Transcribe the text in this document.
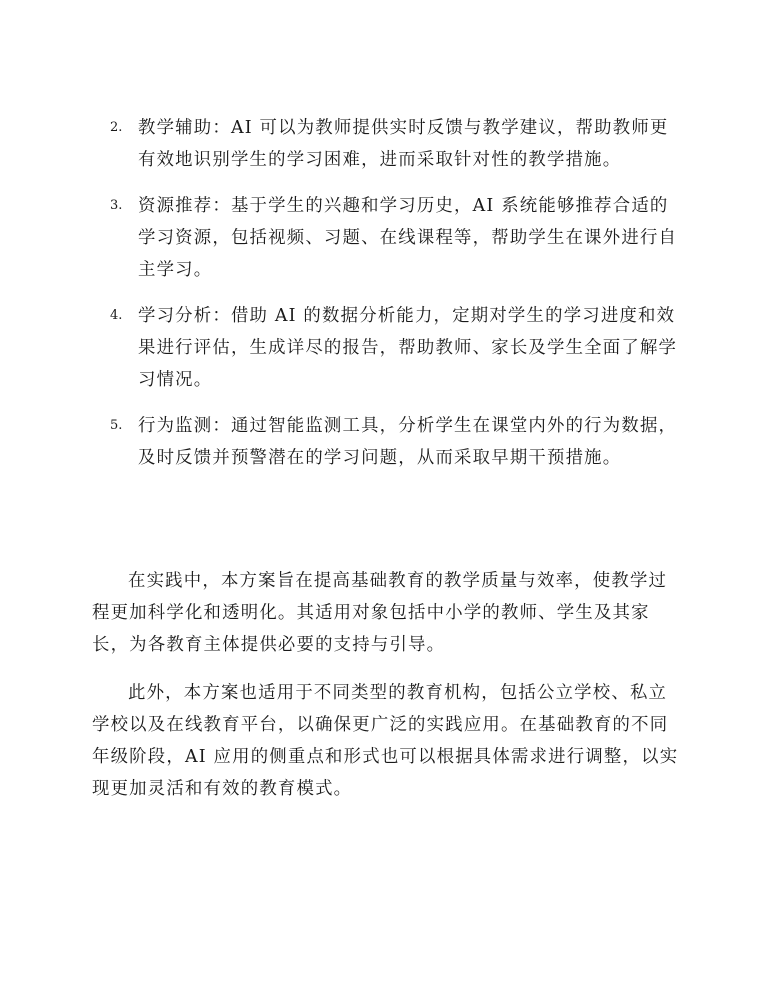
2. 教学辅助：AI 可以为教师提供实时反馈与教学建议，帮助教师更有效地识别学生的学习困难，进而采取针对性的教学措施。
3. 资源推荐：基于学生的兴趣和学习历史，AI 系统能够推荐合适的学习资源，包括视频、习题、在线课程等，帮助学生在课外进行自主学习。
4. 学习分析：借助 AI 的数据分析能力，定期对学生的学习进度和效果进行评估，生成详尽的报告，帮助教师、家长及学生全面了解学习情况。
5. 行为监测：通过智能监测工具，分析学生在课堂内外的行为数据，及时反馈并预警潜在的学习问题，从而采取早期干预措施。

在实践中，本方案旨在提高基础教育的教学质量与效率，使教学过程更加科学化和透明化。其适用对象包括中小学的教师、学生及其家长，为各教育主体提供必要的支持与引导。

此外，本方案也适用于不同类型的教育机构，包括公立学校、私立学校以及在线教育平台，以确保更广泛的实践应用。在基础教育的不同年级阶段，AI 应用的侧重点和形式也可以根据具体需求进行调整，以实现更加灵活和有效的教育模式。
